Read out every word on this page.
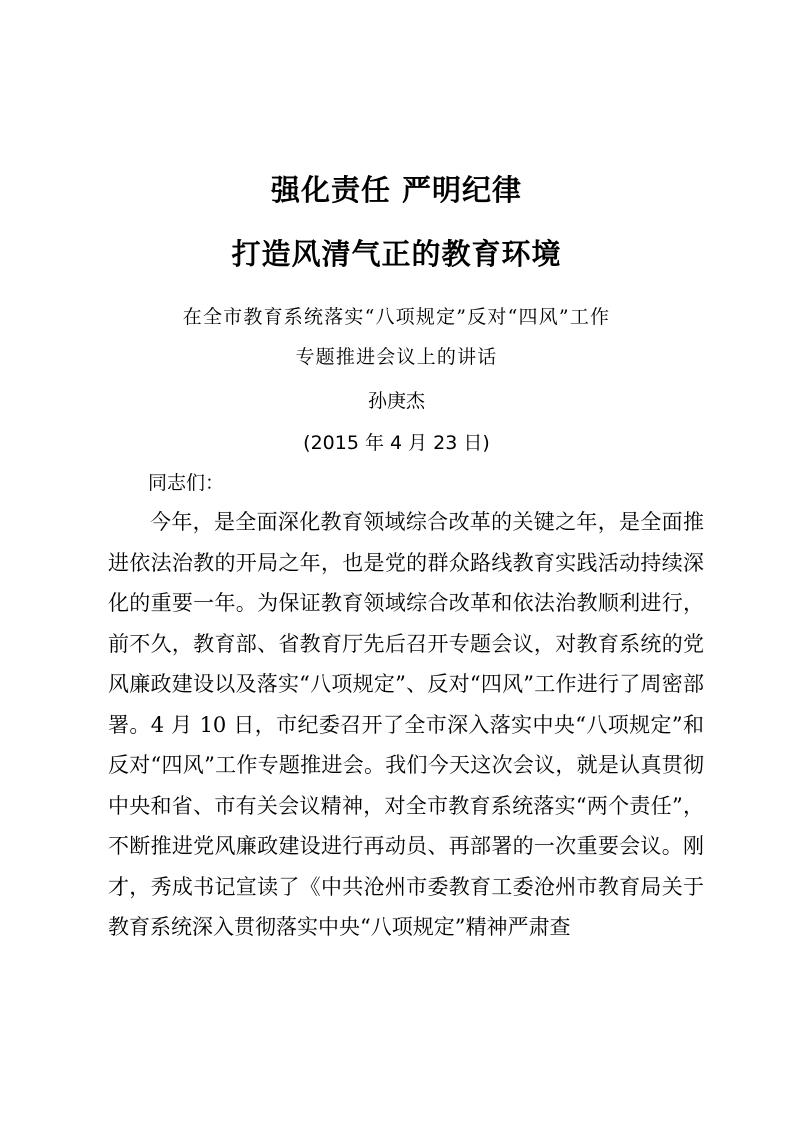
强化责任 严明纪律
打造风清气正的教育环境
在全市教育系统落实“八项规定”反对“四风”工作
专题推进会议上的讲话
孙庚杰
(2015 年 4 月 23 日)
同志们：

今年，是全面深化教育领域综合改革的关键之年，是全面推进依法治教的开局之年，也是党的群众路线教育实践活动持续深化的重要一年。为保证教育领域综合改革和依法治教顺利进行，前不久，教育部、省教育厅先后召开专题会议，对教育系统的党风廉政建设以及落实“八项规定”、反对“四风”工作进行了周密部署。4 月 10 日，市纪委召开了全市深入落实中央“八项规定”和反对“四风”工作专题推进会。我们今天这次会议，就是认真贯彻中央和省、市有关会议精神，对全市教育系统落实“两个责任”，不断推进党风廉政建设进行再动员、再部署的一次重要会议。刚才，秀成书记宣读了《中共沧州市委教育工委沧州市教育局关于教育系统深入贯彻落实中央“八项规定”精神严肃查
